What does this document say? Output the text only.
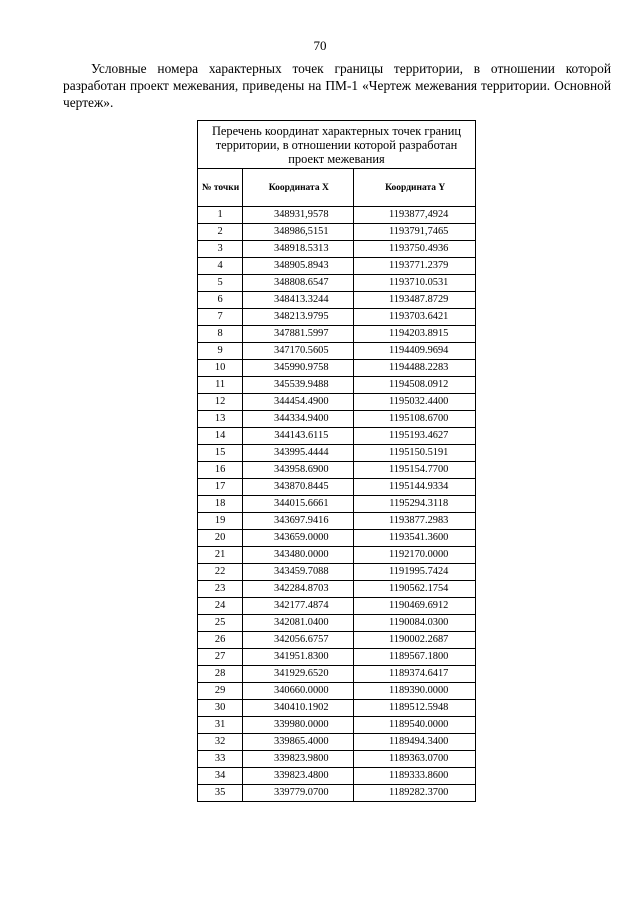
70

Условные номера характерных точек границы территории, в отношении которой разработан проект межевания, приведены на ПМ-1 «Чертеж межевания территории. Основной чертеж».

Перечень координат характерных точек границ территории, в отношении которой разработан проект межевания		
№ точки	Координата X	Координата Y
1	348931,9578	1193877,4924
2	348986,5151	1193791,7465
3	348918.5313	1193750.4936
4	348905.8943	1193771.2379
5	348808.6547	1193710.0531
6	348413.3244	1193487.8729
7	348213.9795	1193703.6421
8	347881.5997	1194203.8915
9	347170.5605	1194409.9694
10	345990.9758	1194488.2283
11	345539.9488	1194508.0912
12	344454.4900	1195032.4400
13	344334.9400	1195108.6700
14	344143.6115	1195193.4627
15	343995.4444	1195150.5191
16	343958.6900	1195154.7700
17	343870.8445	1195144.9334
18	344015.6661	1195294.3118
19	343697.9416	1193877.2983
20	343659.0000	1193541.3600
21	343480.0000	1192170.0000
22	343459.7088	1191995.7424
23	342284.8703	1190562.1754
24	342177.4874	1190469.6912
25	342081.0400	1190084.0300
26	342056.6757	1190002.2687
27	341951.8300	1189567.1800
28	341929.6520	1189374.6417
29	340660.0000	1189390.0000
30	340410.1902	1189512.5948
31	339980.0000	1189540.0000
32	339865.4000	1189494.3400
33	339823.9800	1189363.0700
34	339823.4800	1189333.8600
35	339779.0700	1189282.3700
